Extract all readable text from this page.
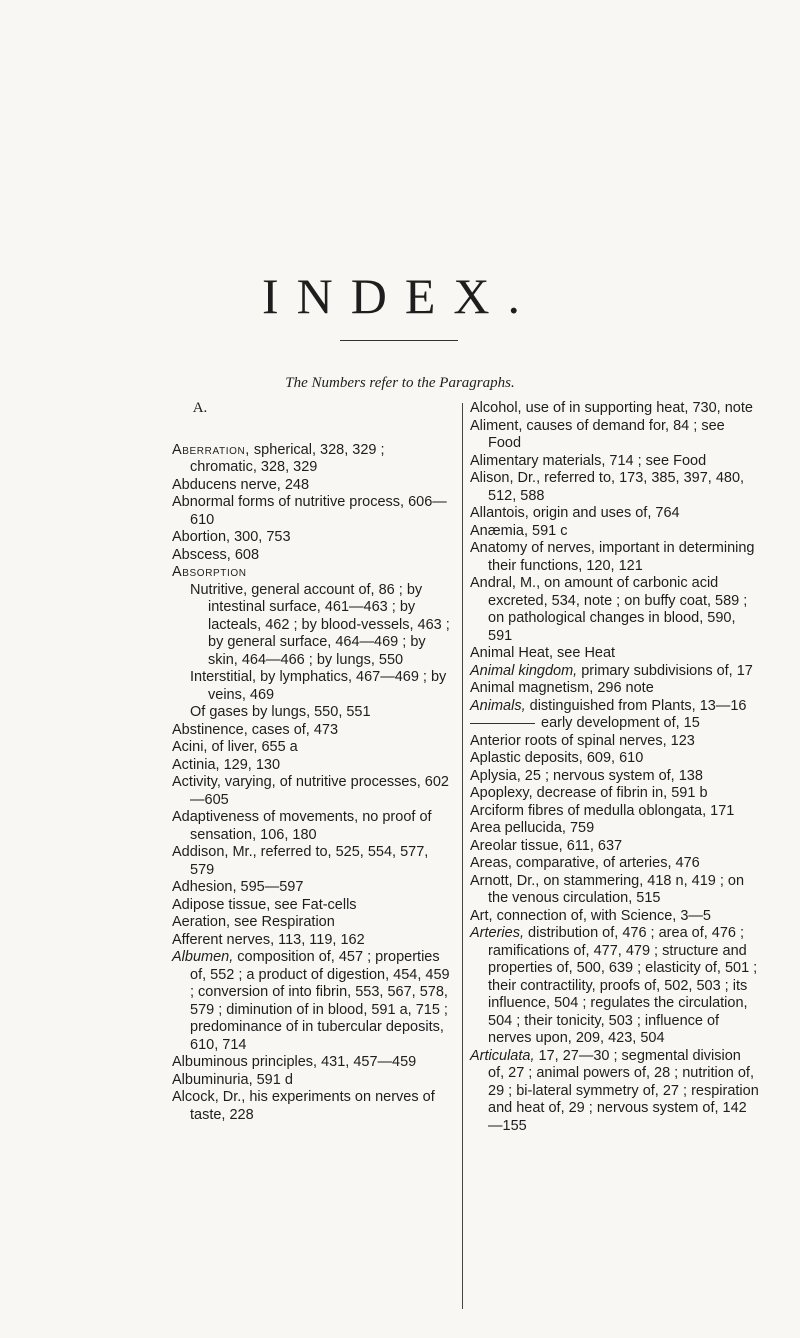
INDEX.
The Numbers refer to the Paragraphs.
A.

Aberration, spherical, 328, 329 ; chromatic, 328, 329

Abducens nerve, 248

Abnormal forms of nutritive process, 606—610

Abortion, 300, 753

Abscess, 608

Absorption

Nutritive, general account of, 86 ; by intestinal surface, 461—463 ; by lacteals, 462 ; by blood-vessels, 463 ; by general surface, 464—469 ; by skin, 464—466 ; by lungs, 550

Interstitial, by lymphatics, 467—469 ; by veins, 469

Of gases by lungs, 550, 551

Abstinence, cases of, 473

Acini, of liver, 655 a

Actinia, 129, 130

Activity, varying, of nutritive processes, 602—605

Adaptiveness of movements, no proof of sensation, 106, 180

Addison, Mr., referred to, 525, 554, 577, 579

Adhesion, 595—597

Adipose tissue, see Fat-cells

Aeration, see Respiration

Afferent nerves, 113, 119, 162

Albumen, composition of, 457 ; properties of, 552 ; a product of digestion, 454, 459 ; conversion of into fibrin, 553, 567, 578, 579 ; diminution of in blood, 591 a, 715 ; predominance of in tubercular deposits, 610, 714

Albuminous principles, 431, 457—459

Albuminuria, 591 d

Alcock, Dr., his experiments on nerves of taste, 228

Alcohol, use of in supporting heat, 730, note

Aliment, causes of demand for, 84 ; see Food

Alimentary materials, 714 ; see Food

Alison, Dr., referred to, 173, 385, 397, 480, 512, 588

Allantois, origin and uses of, 764

Anæmia, 591 c

Anatomy of nerves, important in determining their functions, 120, 121

Andral, M., on amount of carbonic acid excreted, 534, note ; on buffy coat, 589 ; on pathological changes in blood, 590, 591

Animal Heat, see Heat

Animal kingdom, primary subdivisions of, 17

Animal magnetism, 296 note

Animals, distinguished from Plants, 13—16

early development of, 15

Anterior roots of spinal nerves, 123

Aplastic deposits, 609, 610

Aplysia, 25 ; nervous system of, 138

Apoplexy, decrease of fibrin in, 591 b

Arciform fibres of medulla oblongata, 171

Area pellucida, 759

Areolar tissue, 611, 637

Areas, comparative, of arteries, 476

Arnott, Dr., on stammering, 418 n, 419 ; on the venous circulation, 515

Art, connection of, with Science, 3—5

Arteries, distribution of, 476 ; area of, 476 ; ramifications of, 477, 479 ; structure and properties of, 500, 639 ; elasticity of, 501 ; their contractility, proofs of, 502, 503 ; its influence, 504 ; regulates the circulation, 504 ; their tonicity, 503 ; influence of nerves upon, 209, 423, 504

Articulata, 17, 27—30 ; segmental division of, 27 ; animal powers of, 28 ; nutrition of, 29 ; bi-lateral symmetry of, 27 ; respiration and heat of, 29 ; nervous system of, 142—155
